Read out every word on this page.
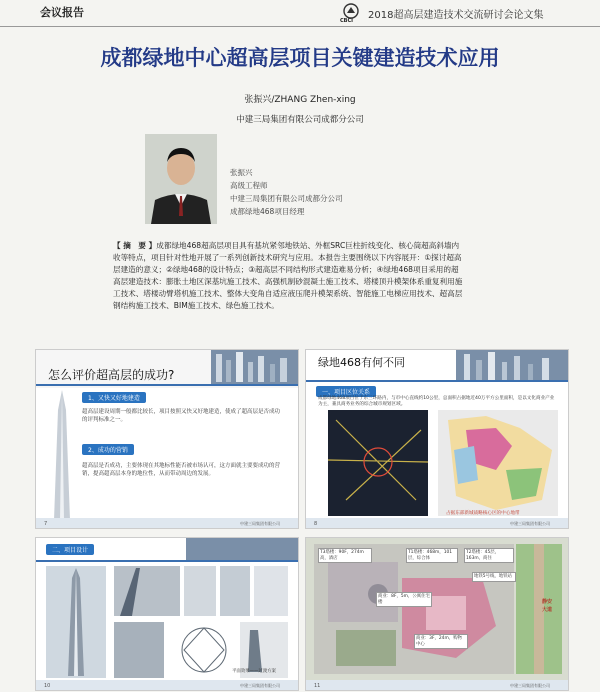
会议报告
CBCI 2018超高层建造技术交流研讨会论文集
成都绿地中心超高层项目关键建造技术应用
张振兴/ZHANG Zhen-xing
中建三局集团有限公司成都分公司
张振兴
高级工程师
中建三局集团有限公司成都分公司
成都绿地468项目经理
【 摘　要 】成都绿地468超高层项目具有基坑紧邻地铁站、外框SRC巨柱折线变化、核心筒超高斜墙内收等特点，项目针对性地开展了一系列创新技术研究与应用。本报告主要围绕以下内容展开：①探讨超高层建造的意义；②绿地468的设计特点；③超高层不同结构形式建造难易分析；④绿地468项目采用的超高层建造技术：膨胀土地区深基坑施工技术、高强机制砂混凝土施工技术、塔楼顶升模架体系重复利用施工技术、塔楼动臂塔机施工技术、整体大变角自适应液压爬升模架系统、智能施工电梯应用技术、超高层钢结构施工技术、BIM施工技术、绿色施工技术。
怎么评价超高层的成功?
1、又快又好地建造
超高层建设周期一般都比较长，项目按照又快又好地建造，使成了超高层是否成功的评判标准之一。
2、成功的营销
超高层是否成功，主要体现在其地标性能否被市场认可，这方面就主要要成功的营销，提高超高层本身的地位性，从而带动周边的发展。
7	中建三局集团有限公司
绿地468有何不同
一、项目区位关系
成都绿地468项目位于东三环路内，与市中心直线约10公里，总面积占据地近40万平方公里面积，是以文化商业产业为主，兼具商务业务的综合城市规划区域。
占据东部新城战略核心区的中心地带
8	中建三局集团有限公司
二、项目设计
平面效果——过渡方案
10	中建三局集团有限公司
T3塔楼：90F，274m高，酒店
T1塔楼：468m，101层，综合体
T2塔楼：45层，163m，商住
商业：8F，5m，公寓住宅楼
商业：3F，24m，购物中心
地铁5号线，地铁站
静安大道
11	中建三局集团有限公司
